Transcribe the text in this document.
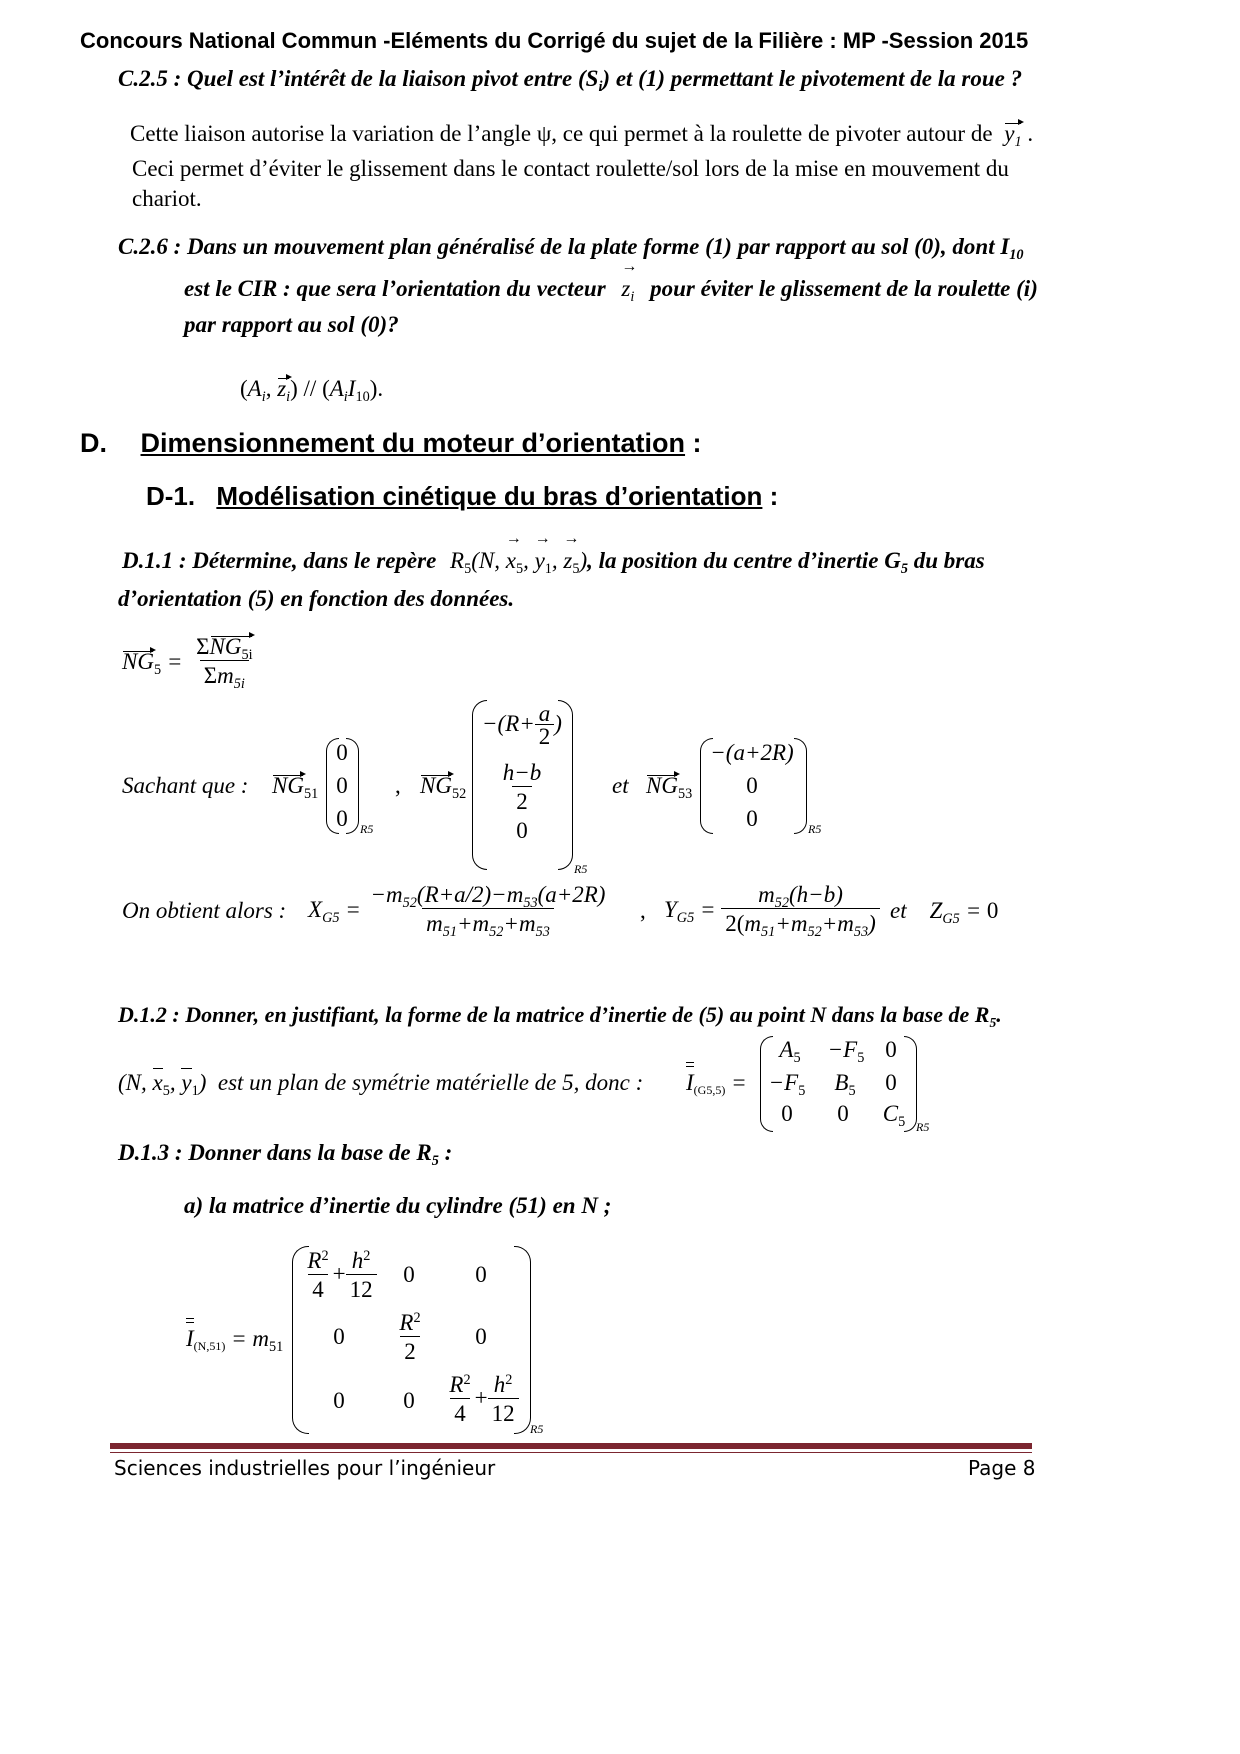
Concours National Commun -Eléments du Corrigé du sujet de la Filière : MP -Session 2015
C.2.5 : Quel est l’intérêt de la liaison pivot entre $(S_i)$ et (1) permettant le pivotement de la roue ?
Cette liaison autorise la variation de l’angle ψ, ce qui permet à la roulette de pivoter autour de $y_1$ .
Ceci permet d’éviter le glissement dans le contact roulette/sol lors de la mise en mouvement du
chariot.
C.2.6 : Dans un mouvement plan généralisé de la plate forme (1) par rapport au sol (0), dont $I_{10}$
est le CIR : que sera l’orientation du vecteur
→
$z_i$ pour éviter le glissement de la roulette (i)
par rapport au sol (0)?
($A_i$, $z_i) // (A_iI_{10})$.
D. Dimensionnement du moteur d’orientation :
D-1. Modélisation cinétique du bras d’orientation :
D.1.1 : Détermine, dans le repère $R_5(N$,
→
$x_5$,
→
$y_1$,
→
$z_5$), la position du centre d’inertie $G_5$ du bras
d’orientation (5) en fonction des données.
$NG_5 = \frac{\Sigma NG_{5i}}{\Sigma m_{5i}}$
Sachant que : $NG_{51}$
0
0
0	R5
, $NG_{52}$
$-(R+ \frac{a}{2}$ )
$\frac{h-b}{2}$
0
R5
et $NG_{53}$
−(a+2R)
0
0	R5
On obtient alors : $X_{G5} = \frac{-m_{52}(R+a/2)-m_{53}(a+2R)}{m_{51}+m_{52}+m_{53}}$ , $Y_{G5} = \frac{m_{52}(h-b)}{2(m_{51}+m_{52}+m_{53})}$ et    $Z_{G5} = 0$
D.1.2 : Donner, en justifiant, la forme de la matrice d’inertie de (5) au point N dans la base de $R_5$.
(N, $x_5$, $y_1$)  est un plan de symétrie matérielle de 5, donc : $I_{(G5,5)}$ =
$A_5$	$-F_5$ 0
$-F_5$	$B_5$	0
0	0	$C_5$ R5
D.1.3 : Donner dans la base de $R_5$ :
a) la matrice d’inertie du cylindre (51) en N ;
$I_{(N,51)} = m_{51}$
$\frac{R^2}{4} + \frac{h^2}{12}$	0	0
0	$\frac{R^2}{2}$	0
0	0	$\frac{R^2}{4} + \frac{h^2}{12}$
R5
Sciences industrielles pour l’ingénieur	Page 8
